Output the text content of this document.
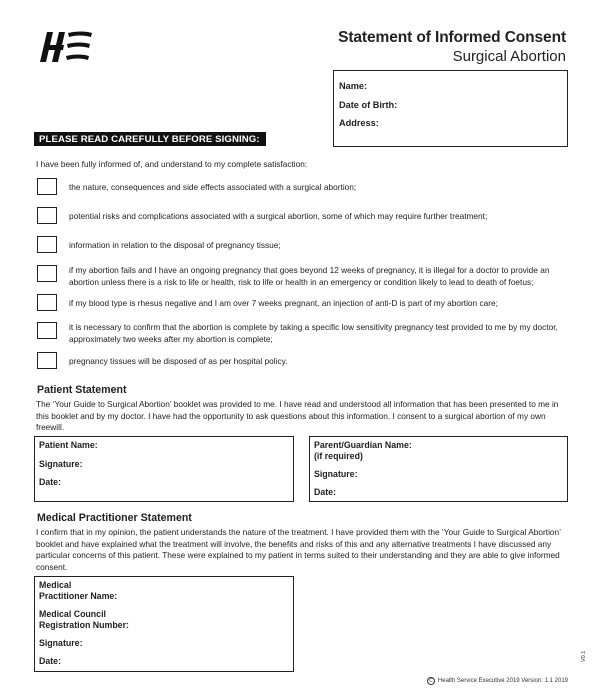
Statement of Informed Consent
Surgical Abortion
Name:
Date of Birth:
Address:
PLEASE READ CAREFULLY BEFORE SIGNING:
I have been fully informed of, and understand to my complete satisfaction:
the nature, consequences and side effects associated with a surgical abortion;
potential risks and complications associated with a surgical abortion, some of which may require further treatment;
information in relation to the disposal of pregnancy tissue;
if my abortion fails and I have an ongoing pregnancy that goes beyond 12 weeks of pregnancy, it is illegal for a doctor to provide an abortion unless there is a risk to life or health, risk to life or health in an emergency or condition likely to lead to death of foetus;
if my blood type is rhesus negative and I am over 7 weeks pregnant, an injection of anti-D is part of my abortion care;
it is necessary to confirm that the abortion is complete by taking a specific low sensitivity pregnancy test provided to me by my doctor, approximately two weeks after my abortion is complete;
pregnancy tissues will be disposed of as per hospital policy.
Patient Statement
The ‘Your Guide to Surgical Abortion’ booklet was provided to me. I have read and understood all information that has been presented to me in this booklet and by my doctor. I have had the opportunity to ask questions about this information. I consent to a surgical abortion of my own freewill.
Patient Name:
Signature:
Date:
Parent/Guardian Name:
(if required)
Signature:
Date:
Medical Practitioner Statement
I confirm that in my opinion, the patient understands the nature of the treatment. I have provided them with the ‘Your Guide to Surgical Abortion’ booklet and have explained what the treatment will involve, the benefits and risks of this and any alternative treatments I have discussed any particular concerns of this patient. These were explained to my patient in terms suited to their understanding and they are able to give informed consent.
Medical
Practitioner Name:
Medical Council
Registration Number:
Signature:
Date:
C Health Service Executive 2019 Version: 1.1 2019
V0.1
